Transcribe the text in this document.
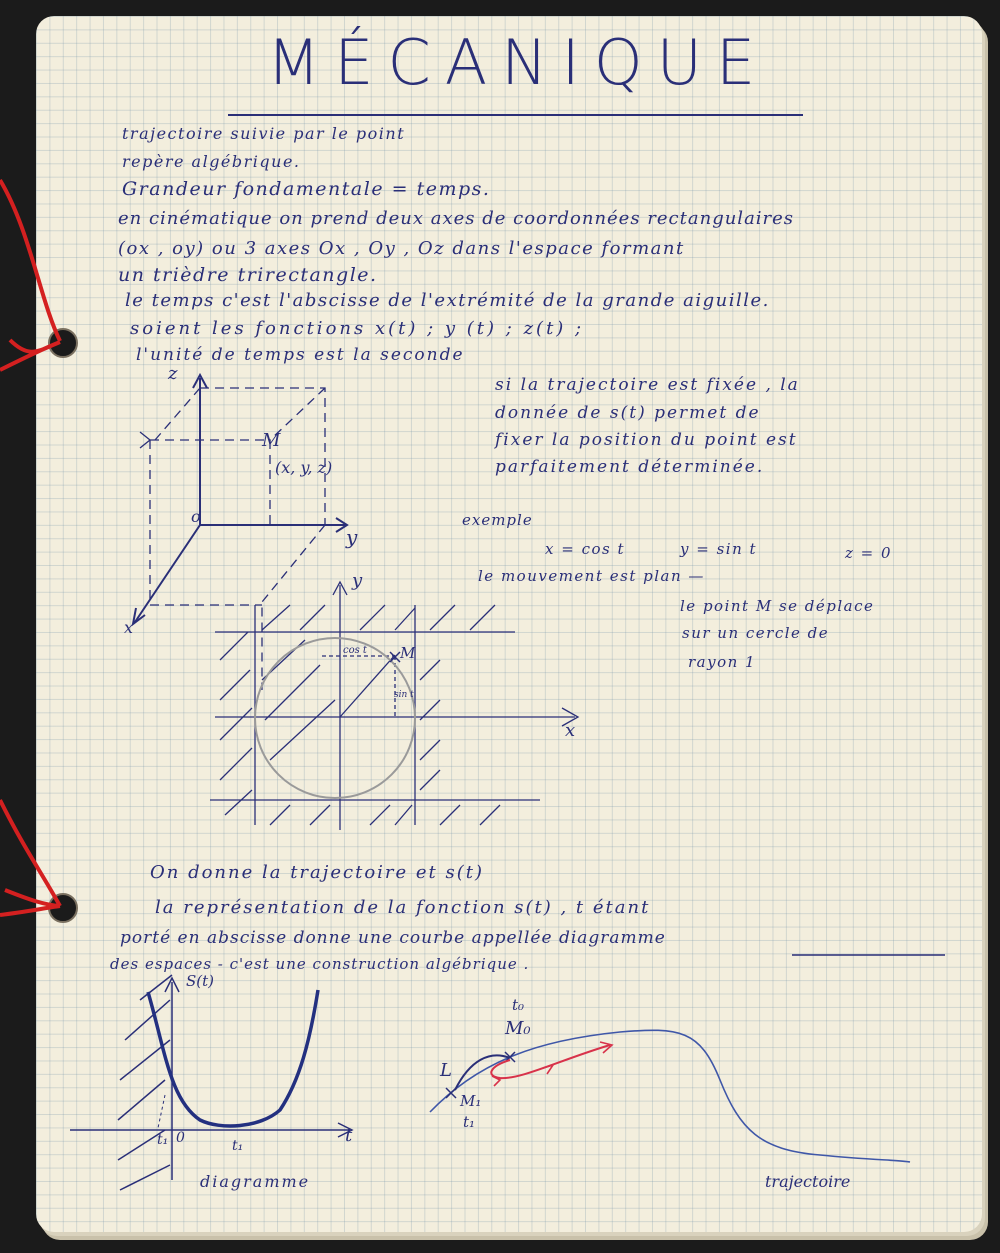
MÉCANIQUE
trajectoire suivie par le point
repère algébrique.
Grandeur fondamentale = temps.
en cinématique on prend deux axes de coordonnées rectangulaires
(ox , oy) ou 3 axes Ox , Oy , Oz dans l'espace formant
un trièdre trirectangle.
le temps c'est l'abscisse de l'extrémité de la grande aiguille.
soient les fonctions x(t) ; y (t) ; z(t) ;
l'unité de temps est la seconde
si la trajectoire est fixée , la
donnée de s(t) permet de
fixer la position du point est
parfaitement déterminée.
z
y
x
o
M
(x, y, z)
exemple
x = cos t	y = sin t	z = 0
le mouvement est plan —
le point M se déplace
sur un cercle de
rayon 1
y
x
M
cos t
sin t
On donne la trajectoire et s(t)
la représentation de la fonction s(t) , t étant
porté en abscisse donne une courbe appellée diagramme
des espaces - c'est une construction algébrique .
S(t)
t
0
t₁	t₁
diagramme
t₀
M₀
L
M₁
t₁
trajectoire
